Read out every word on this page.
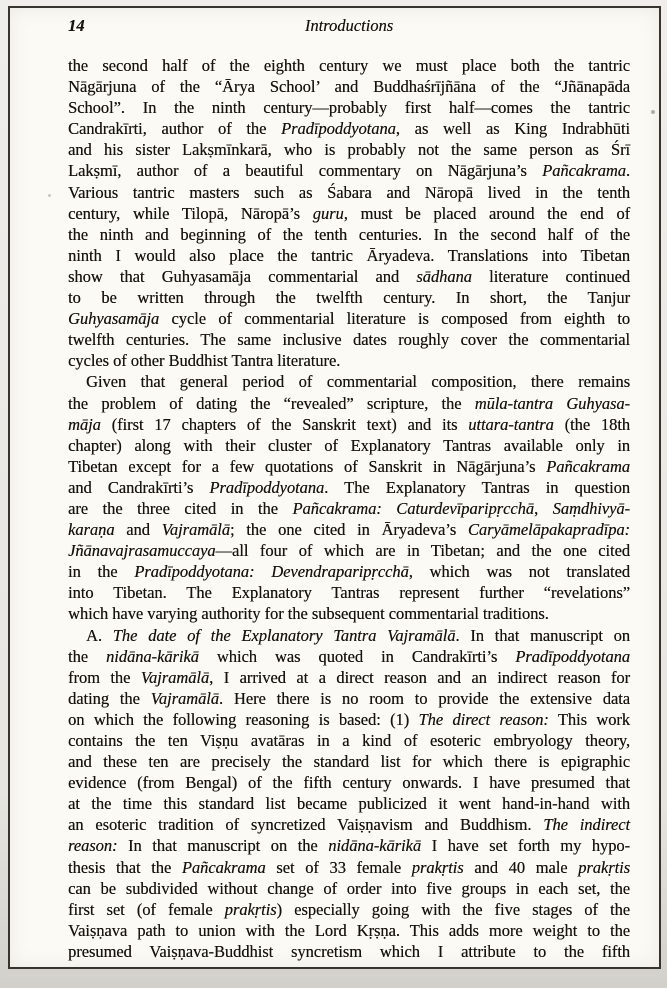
14	Introductions
the second half of the eighth century we must place both the tantric
Nāgārjuna of the “Ārya School’ and Buddhaśrījñāna of the “Jñānapāda
School”. In the ninth century—probably first half—comes the tantric
Candrakīrti, author of the Pradīpoddyotana, as well as King Indrabhūti
and his sister Lakṣmīnkarā, who is probably not the same person as Śrī
Lakṣmī, author of a beautiful commentary on Nāgārjuna’s Pañcakrama.
Various tantric masters such as Śabara and Nāropā lived in the tenth
century, while Tilopā, Nāropā’s guru, must be placed around the end of
the ninth and beginning of the tenth centuries. In the second half of the
ninth I would also place the tantric Āryadeva. Translations into Tibetan
show that Guhyasamāja commentarial and sādhana literature continued
to be written through the twelfth century. In short, the Tanjur
Guhyasamāja cycle of commentarial literature is composed from eighth to
twelfth centuries. The same inclusive dates roughly cover the commentarial
cycles of other Buddhist Tantra literature.
Given that general period of commentarial composition, there remains
the problem of dating the “revealed” scripture, the mūla-tantra Guhyasa-
māja (first 17 chapters of the Sanskrit text) and its uttara-tantra (the 18th
chapter) along with their cluster of Explanatory Tantras available only in
Tibetan except for a few quotations of Sanskrit in Nāgārjuna’s Pañcakrama
and Candrakīrti’s Pradīpoddyotana. The Explanatory Tantras in question
are the three cited in the Pañcakrama: Caturdevīparipṛcchā, Saṃdhivyā-
karaṇa and Vajramālā; the one cited in Āryadeva’s Caryāmelāpakapradīpa:
Jñānavajrasamuccaya—all four of which are in Tibetan; and the one cited
in the Pradīpoddyotana: Devendraparipṛcchā, which was not translated
into Tibetan. The Explanatory Tantras represent further “revelations”
which have varying authority for the subsequent commentarial traditions.
A. The date of the Explanatory Tantra Vajramālā. In that manuscript on
the nidāna-kārikā which was quoted in Candrakīrti’s Pradīpoddyotana
from the Vajramālā, I arrived at a direct reason and an indirect reason for
dating the Vajramālā. Here there is no room to provide the extensive data
on which the following reasoning is based: (1) The direct reason: This work
contains the ten Viṣṇu avatāras in a kind of esoteric embryology theory,
and these ten are precisely the standard list for which there is epigraphic
evidence (from Bengal) of the fifth century onwards. I have presumed that
at the time this standard list became publicized it went hand-in-hand with
an esoteric tradition of syncretized Vaiṣṇavism and Buddhism. The indirect
reason: In that manuscript on the nidāna-kārikā I have set forth my hypo-
thesis that the Pañcakrama set of 33 female prakṛtis and 40 male prakṛtis
can be subdivided without change of order into five groups in each set, the
first set (of female prakṛtis) especially going with the five stages of the
Vaiṣṇava path to union with the Lord Kṛṣṇa. This adds more weight to the
presumed Vaiṣṇava-Buddhist syncretism which I attribute to the fifth
